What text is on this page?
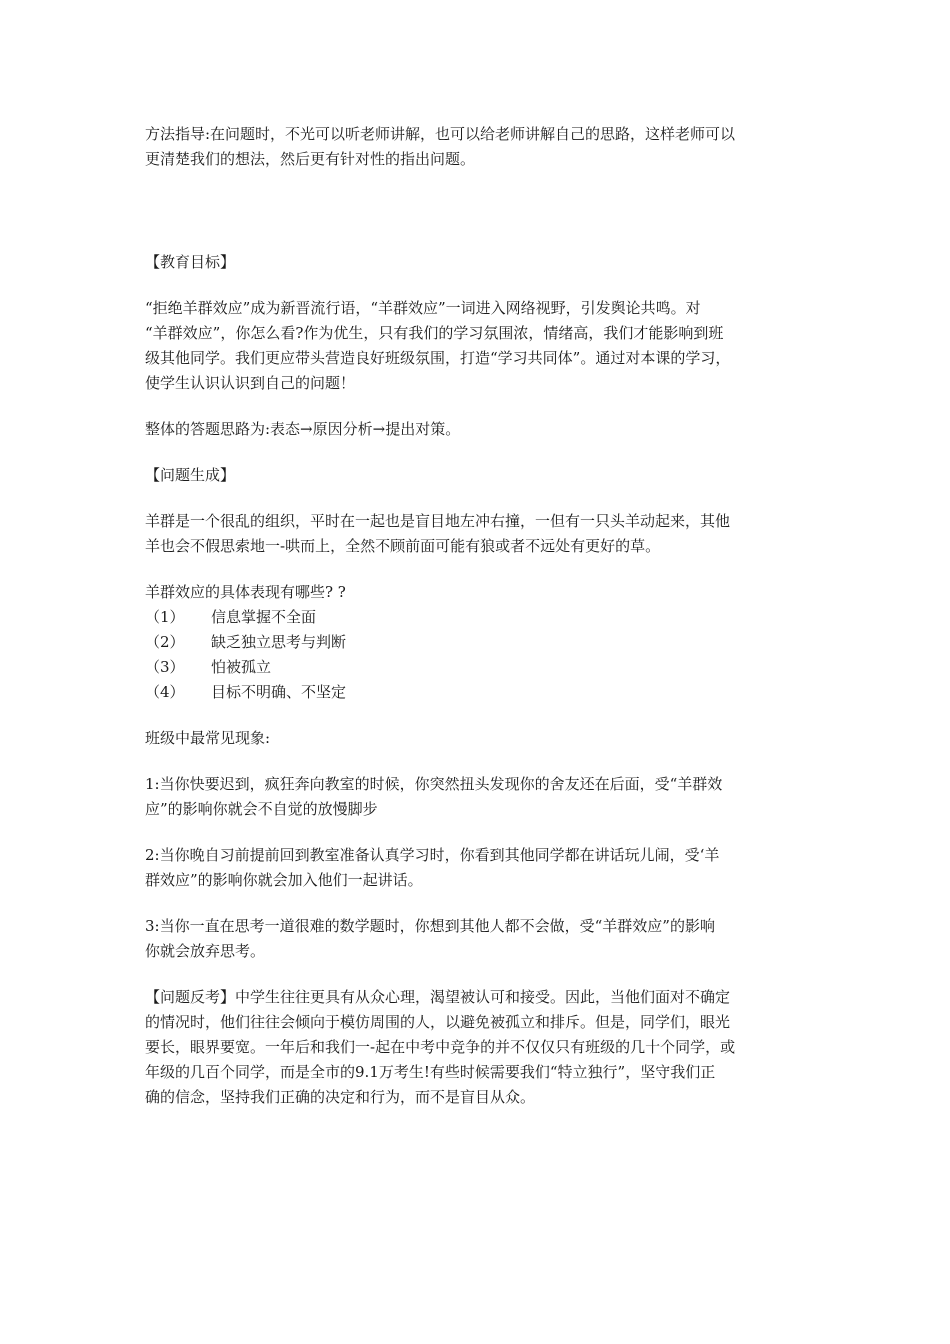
方法指导:在问题时，不光可以听老师讲解，也可以给老师讲解自己的思路，这样老师可以

更清楚我们的想法，然后更有针对性的指出问题。

【教育目标】

“拒绝羊群效应”成为新晋流行语，“羊群效应”一词进入网络视野，引发舆论共鸣。对

“羊群效应”，你怎么看?作为优生，只有我们的学习氛围浓，情绪高，我们才能影响到班

级其他同学。我们更应带头营造良好班级氛围，打造“学习共同体”。通过对本课的学习，

使学生认识认识到自己的问题！

整体的答题思路为:表态→原因分析→提出对策。

【问题生成】

羊群是一个很乱的组织，平时在一起也是盲目地左冲右撞，一但有一只头羊动起来，其他

羊也会不假思索地一-哄而上，全然不顾前面可能有狼或者不远处有更好的草。

羊群效应的具体表现有哪些? ?

（1）	信息掌握不全面
（2）	缺乏独立思考与判断
（3）	怕被孤立
（4）	目标不明确、不坚定

班级中最常见现象:

1:当你快要迟到，疯狂奔向教室的时候，你突然扭头发现你的舍友还在后面，受“羊群效

应”的影响你就会不自觉的放慢脚步

2:当你晚自习前提前回到教室准备认真学习时，你看到其他同学都在讲话玩儿闹，受‘羊

群效应”的影响你就会加入他们一起讲话。

3:当你一直在思考一道很难的数学题时，你想到其他人都不会做，受“羊群效应”的影响

你就会放弃思考。

【问题反考】中学生往往更具有从众心理，渴望被认可和接受。因此，当他们面对不确定

的情况时，他们往往会倾向于模仿周围的人，以避免被孤立和排斥。但是，同学们，眼光

要长，眼界要宽。一年后和我们一-起在中考中竞争的并不仅仅只有班级的几十个同学，或

年级的几百个同学，而是全市的9.1万考生!有些时候需要我们“特立独行”，坚守我们正

确的信念，坚持我们正确的决定和行为，而不是盲目从众。
